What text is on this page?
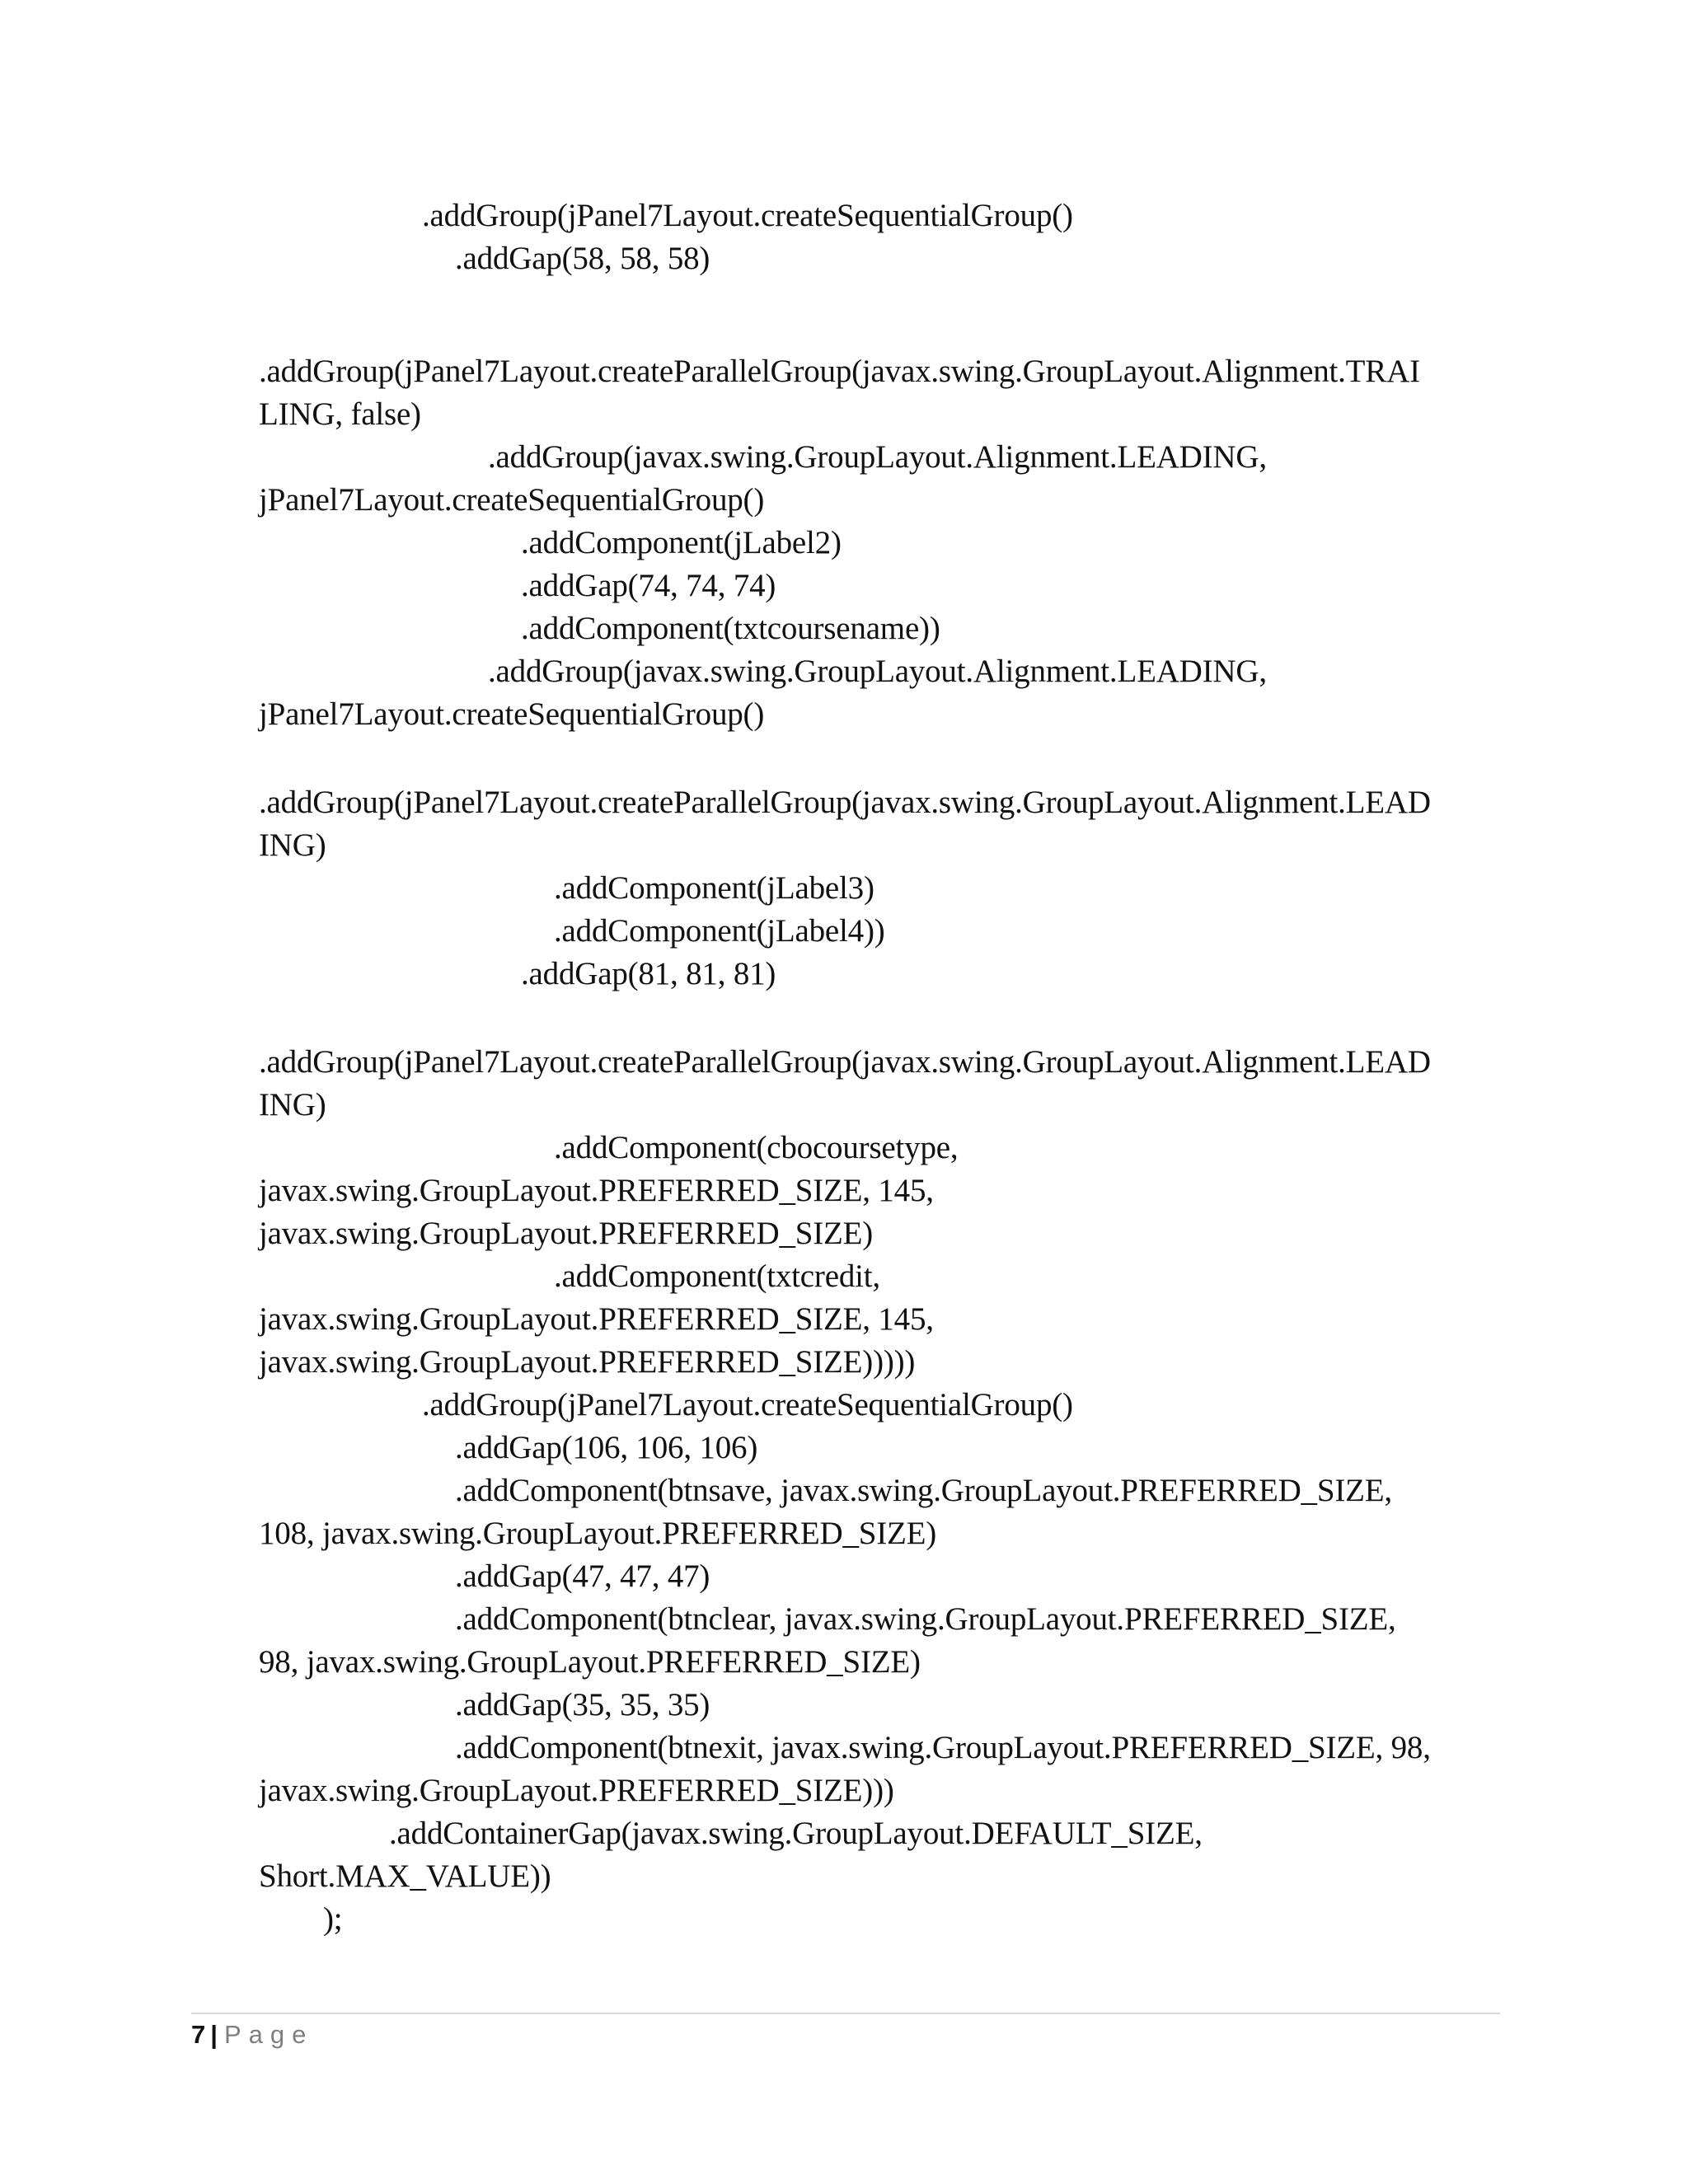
.addGroup(jPanel7Layout.createSequentialGroup()
.addGap(58, 58, 58)
.addGroup(jPanel7Layout.createParallelGroup(javax.swing.GroupLayout.Alignment.TRAI
LING, false)
.addGroup(javax.swing.GroupLayout.Alignment.LEADING,
jPanel7Layout.createSequentialGroup()
.addComponent(jLabel2)
.addGap(74, 74, 74)
.addComponent(txtcoursename))
.addGroup(javax.swing.GroupLayout.Alignment.LEADING,
jPanel7Layout.createSequentialGroup()
.addGroup(jPanel7Layout.createParallelGroup(javax.swing.GroupLayout.Alignment.LEAD
ING)
.addComponent(jLabel3)
.addComponent(jLabel4))
.addGap(81, 81, 81)
.addGroup(jPanel7Layout.createParallelGroup(javax.swing.GroupLayout.Alignment.LEAD
ING)
.addComponent(cbocoursetype,
javax.swing.GroupLayout.PREFERRED_SIZE, 145,
javax.swing.GroupLayout.PREFERRED_SIZE)
.addComponent(txtcredit,
javax.swing.GroupLayout.PREFERRED_SIZE, 145,
javax.swing.GroupLayout.PREFERRED_SIZE)))))
.addGroup(jPanel7Layout.createSequentialGroup()
.addGap(106, 106, 106)
.addComponent(btnsave, javax.swing.GroupLayout.PREFERRED_SIZE,
108, javax.swing.GroupLayout.PREFERRED_SIZE)
.addGap(47, 47, 47)
.addComponent(btnclear, javax.swing.GroupLayout.PREFERRED_SIZE,
98, javax.swing.GroupLayout.PREFERRED_SIZE)
.addGap(35, 35, 35)
.addComponent(btnexit, javax.swing.GroupLayout.PREFERRED_SIZE, 98,
javax.swing.GroupLayout.PREFERRED_SIZE)))
.addContainerGap(javax.swing.GroupLayout.DEFAULT_SIZE,
Short.MAX_VALUE))
);
7 | Page
